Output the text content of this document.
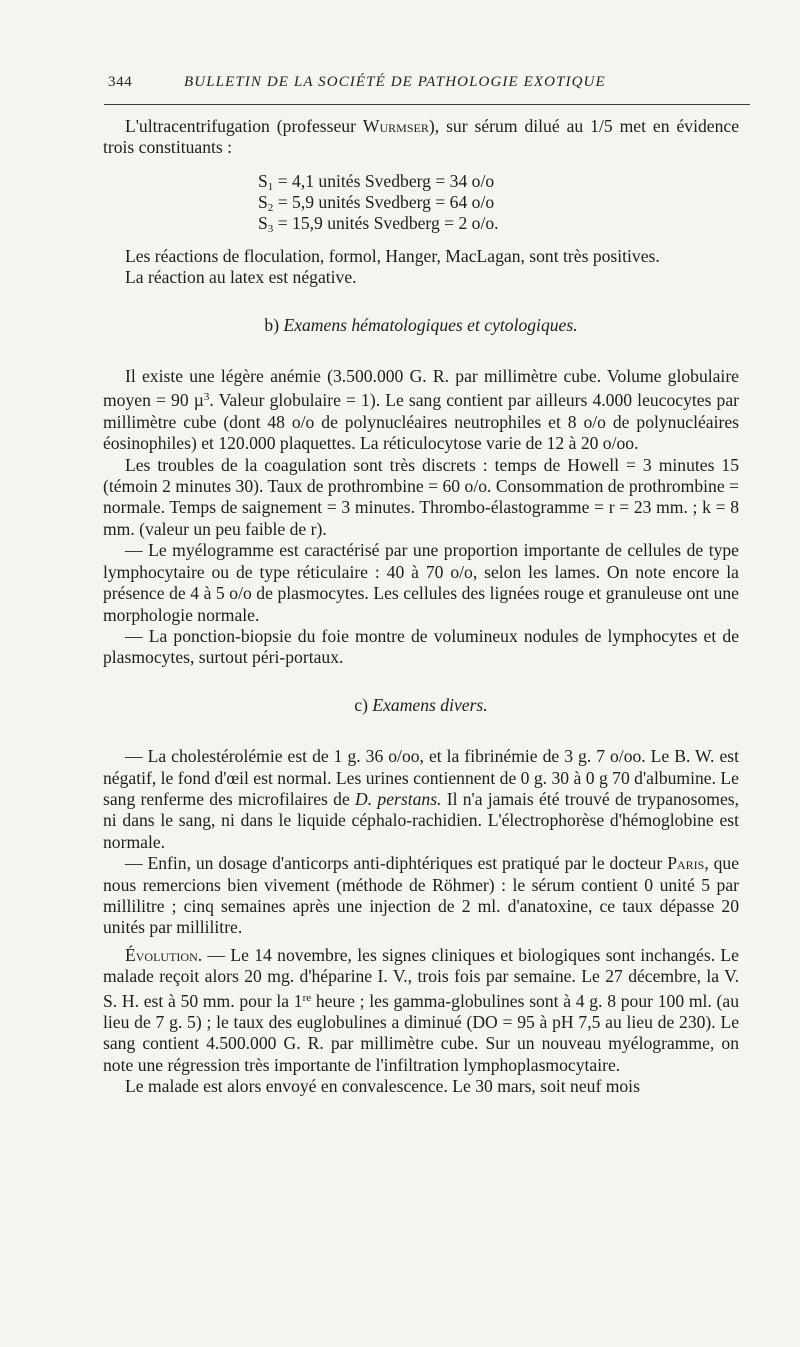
344	BULLETIN DE LA SOCIÉTÉ DE PATHOLOGIE EXOTIQUE

L'ultracentrifugation (professeur Wurmser), sur sérum dilué au 1/5 met en évidence trois constituants :

$S_1 = 4,1$ unités Svedberg = 34 o/o
$S_2 = 5,9$ unités Svedberg = 64 o/o
$S_3 = 15,9$ unités Svedberg = 2 o/o.

Les réactions de floculation, formol, Hanger, MacLagan, sont très positives.

La réaction au latex est négative.

b) Examens hématologiques et cytologiques.

Il existe une légère anémie (3.500.000 G. R. par millimètre cube. Volume globulaire moyen = 90 µ$^3$. Valeur globulaire = 1). Le sang contient par ailleurs 4.000 leucocytes par millimètre cube (dont 48 o/o de polynucléaires neutrophiles et 8 o/o de polynucléaires éosinophiles) et 120.000 plaquettes. La réticulocytose varie de 12 à 20 o/oo.

Les troubles de la coagulation sont très discrets : temps de Howell = 3 minutes 15 (témoin 2 minutes 30). Taux de prothrombine = 60 o/o. Consommation de prothrombine = normale. Temps de saignement = 3 minutes. Thrombo-élastogramme = r = 23 mm. ; k = 8 mm. (valeur un peu faible de r).

— Le myélogramme est caractérisé par une proportion importante de cellules de type lymphocytaire ou de type réticulaire : 40 à 70 o/o, selon les lames. On note encore la présence de 4 à 5 o/o de plasmocytes. Les cellules des lignées rouge et granuleuse ont une morphologie normale.

— La ponction-biopsie du foie montre de volumineux nodules de lymphocytes et de plasmocytes, surtout péri-portaux.

c) Examens divers.

— La cholestérolémie est de 1 g. 36 o/oo, et la fibrinémie de 3 g. 7 o/oo. Le B. W. est négatif, le fond d'œil est normal. Les urines contiennent de 0 g. 30 à 0 g 70 d'albumine. Le sang renferme des microfilaires de D. perstans. Il n'a jamais été trouvé de trypanosomes, ni dans le sang, ni dans le liquide céphalo-rachidien. L'électrophorèse d'hémoglobine est normale.

— Enfin, un dosage d'anticorps anti-diphtériques est pratiqué par le docteur Paris, que nous remercions bien vivement (méthode de Röhmer) : le sérum contient 0 unité 5 par millilitre ; cinq semaines après une injection de 2 ml. d'anatoxine, ce taux dépasse 20 unités par millilitre.

Évolution. — Le 14 novembre, les signes cliniques et biologiques sont inchangés. Le malade reçoit alors 20 mg. d'héparine I. V., trois fois par semaine. Le 27 décembre, la V. S. H. est à 50 mm. pour la 1re heure ; les gamma-globulines sont à 4 g. 8 pour 100 ml. (au lieu de 7 g. 5) ; le taux des euglobulines a diminué (DO = 95 à pH 7,5 au lieu de 230). Le sang contient 4.500.000 G. R. par millimètre cube. Sur un nouveau myélogramme, on note une régression très importante de l'infiltration lymphoplasmocytaire.

Le malade est alors envoyé en convalescence. Le 30 mars, soit neuf mois
